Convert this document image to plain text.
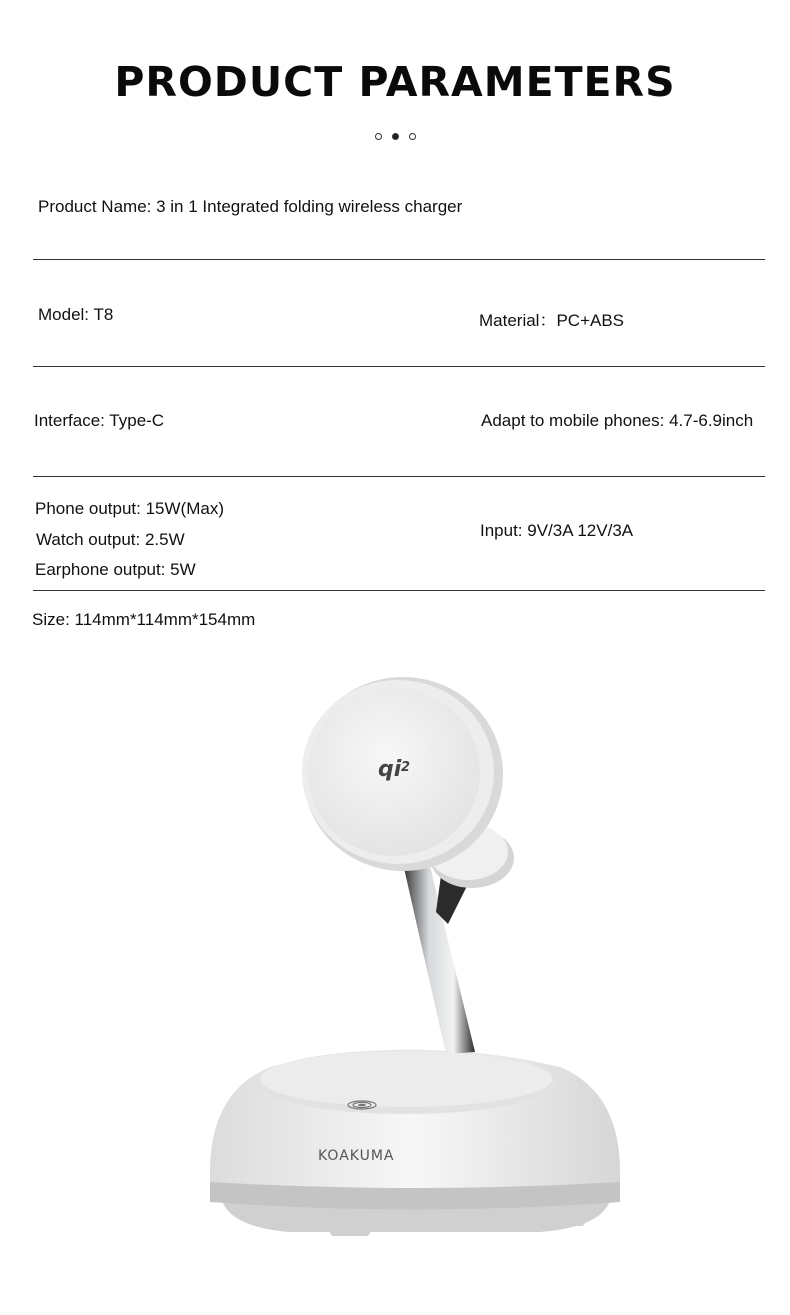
PRODUCT PARAMETERS
Product Name: 3 in 1 Integrated folding wireless charger
Model: T8	Material：PC+ABS
Interface: Type-C	Adapt to mobile phones: 4.7-6.9inch
Phone output: 15W(Max)
Watch output: 2.5W
Earphone output: 5W
Input: 9V/3A 12V/3A
Size: 114mm*114mm*154mm
KOAKUMA
qi 2
